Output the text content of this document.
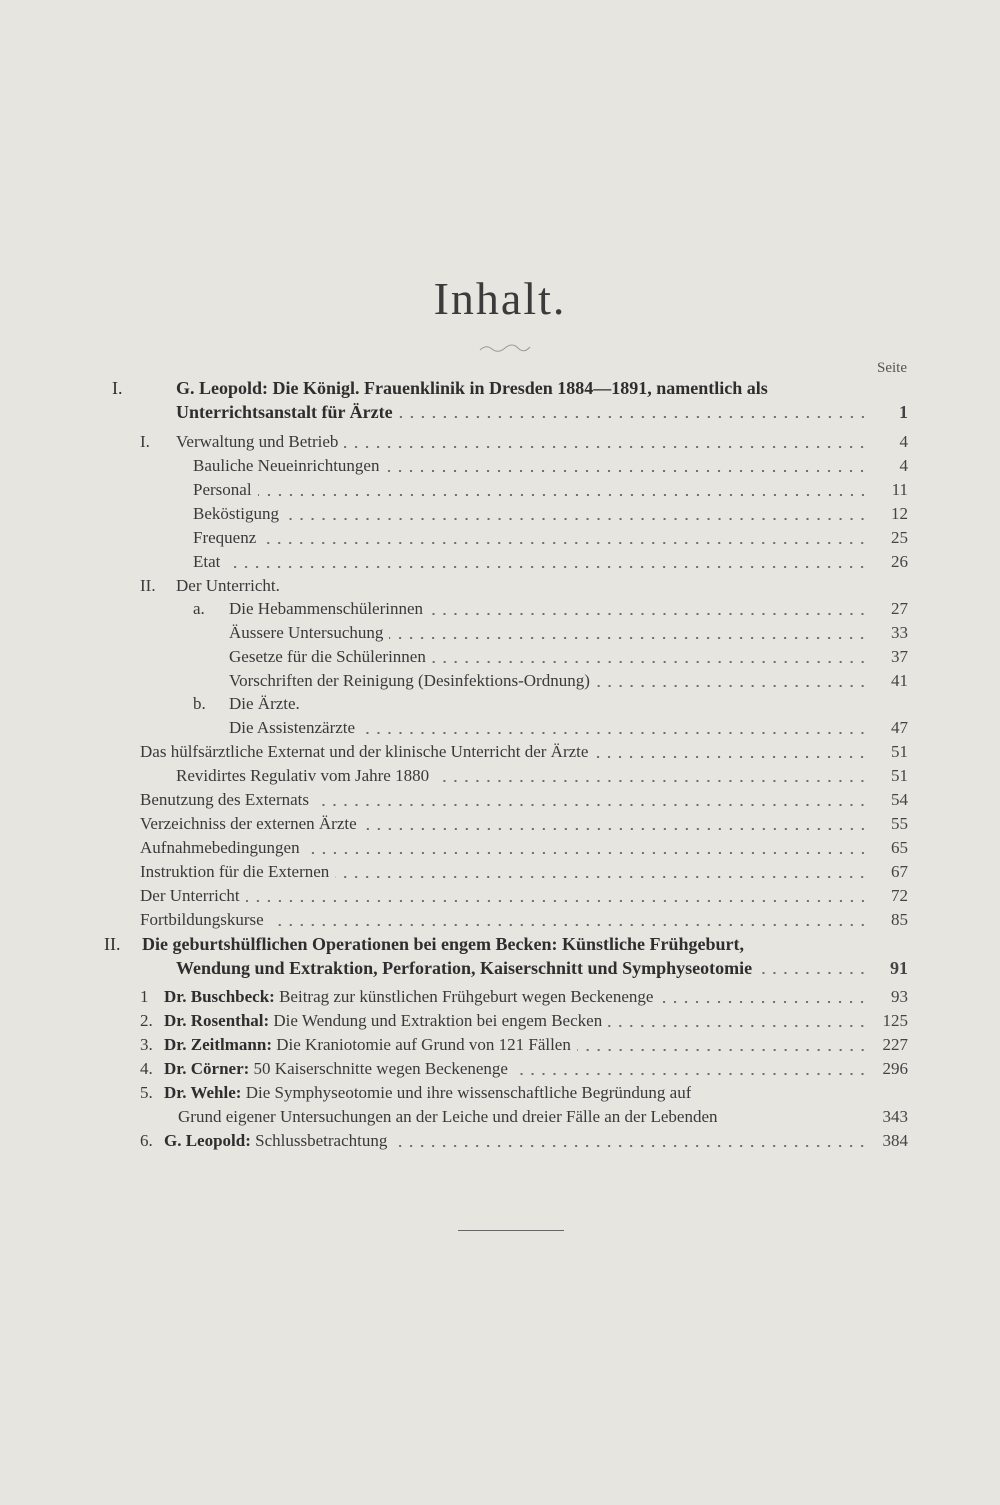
Inhalt.
Seite
I.	G. Leopold: Die Königl. Frauenklinik in Dresden 1884—1891, namentlich als
Unterrichtsanstalt für Ärzte	1
I.	Verwaltung und Betrieb	4
Bauliche Neueinrichtungen	4
Personal	11
Beköstigung	12
Frequenz	25
Etat	26
II.	Der Unterricht.
a.	Die Hebammenschülerinnen	27
Äussere Untersuchung	33
Gesetze für die Schülerinnen	37
Vorschriften der Reinigung (Desinfektions-Ordnung)	41
b.	Die Ärzte.
Die Assistenzärzte	47
Das hülfsärztliche Externat und der klinische Unterricht der Ärzte	51
Revidirtes Regulativ vom Jahre 1880	51
Benutzung des Externats	54
Verzeichniss der externen Ärzte	55
Aufnahmebedingungen	65
Instruktion für die Externen	67
Der Unterricht	72
Fortbildungskurse	85
II.	Die geburtshülflichen Operationen bei engem Becken: Künstliche Frühgeburt,
Wendung und Extraktion, Perforation, Kaiserschnitt und Symphyseotomie	91
1 Dr. Buschbeck: Beitrag zur künstlichen Frühgeburt wegen Beckenenge	93
2. Dr. Rosenthal: Die Wendung und Extraktion bei engem Becken	125
3. Dr. Zeitlmann: Die Kraniotomie auf Grund von 121 Fällen	227
4. Dr. Cörner: 50 Kaiserschnitte wegen Beckenenge	296
5. Dr. Wehle: Die Symphyseotomie und ihre wissenschaftliche Begründung auf
Grund eigener Untersuchungen an der Leiche und dreier Fälle an der Lebenden	343
6. G. Leopold: Schlussbetrachtung	384
